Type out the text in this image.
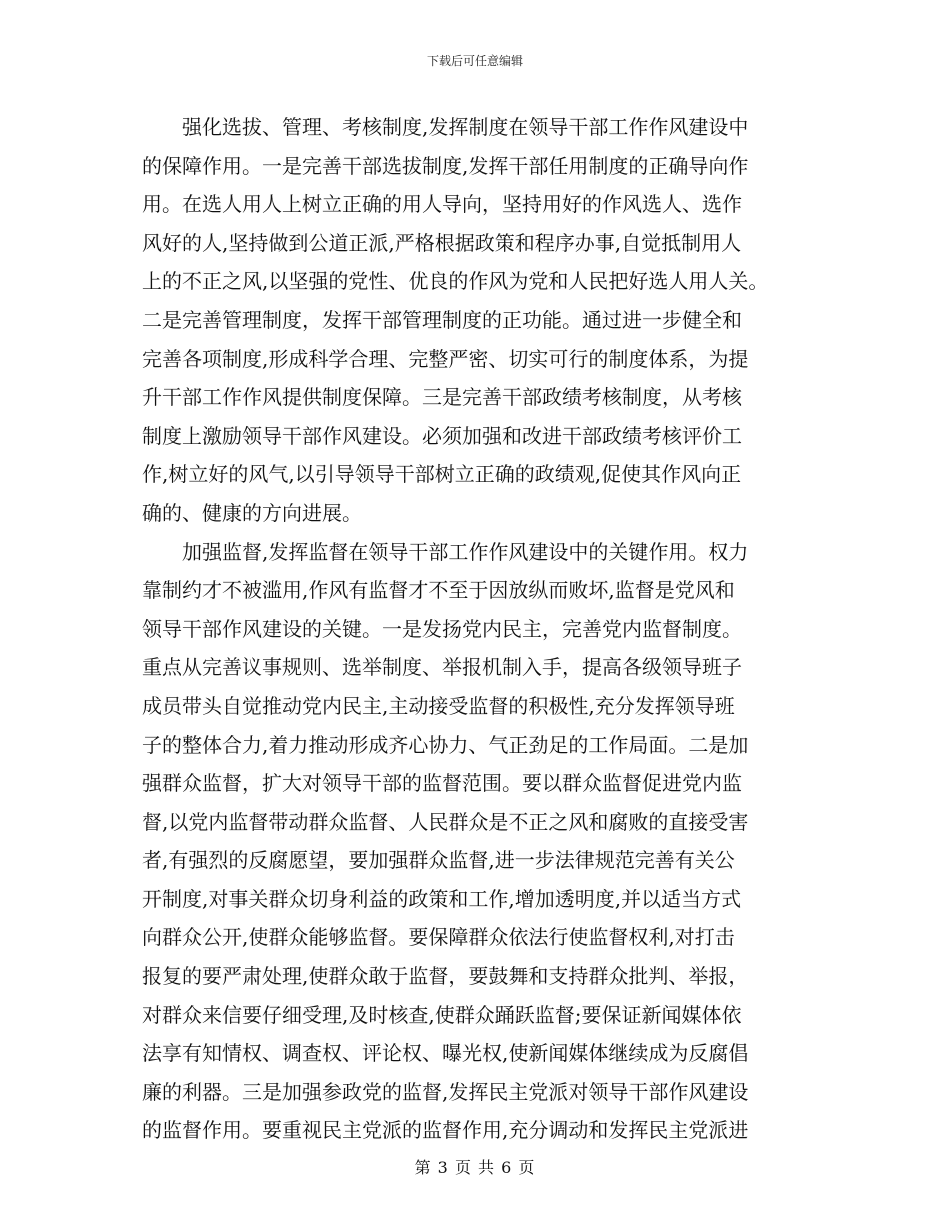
下载后可任意编辑
　　强化选拔、管理、考核制度,发挥制度在领导干部工作作风建设中
的保障作用。一是完善干部选拔制度,发挥干部任用制度的正确导向作
用。在选人用人上树立正确的用人导向，坚持用好的作风选人、选作
风好的人,坚持做到公道正派,严格根据政策和程序办事,自觉抵制用人
上的不正之风,以坚强的党性、优良的作风为党和人民把好选人用人关。
二是完善管理制度，发挥干部管理制度的正功能。通过进一步健全和
完善各项制度,形成科学合理、完整严密、切实可行的制度体系，为提
升干部工作作风提供制度保障。三是完善干部政绩考核制度，从考核
制度上激励领导干部作风建设。必须加强和改进干部政绩考核评价工
作,树立好的风气,以引导领导干部树立正确的政绩观,促使其作风向正
确的、健康的方向进展。
　　加强监督,发挥监督在领导干部工作作风建设中的关键作用。权力
靠制约才不被滥用,作风有监督才不至于因放纵而败坏,监督是党风和
领导干部作风建设的关键。一是发扬党内民主，完善党内监督制度。
重点从完善议事规则、选举制度、举报机制入手，提高各级领导班子
成员带头自觉推动党内民主,主动接受监督的积极性,充分发挥领导班
子的整体合力,着力推动形成齐心协力、气正劲足的工作局面。二是加
强群众监督，扩大对领导干部的监督范围。要以群众监督促进党内监
督,以党内监督带动群众监督、人民群众是不正之风和腐败的直接受害
者,有强烈的反腐愿望，要加强群众监督,进一步法律规范完善有关公
开制度,对事关群众切身利益的政策和工作,增加透明度,并以适当方式
向群众公开,使群众能够监督。要保障群众依法行使监督权利,对打击
报复的要严肃处理,使群众敢于监督，要鼓舞和支持群众批判、举报，
对群众来信要仔细受理,及时核查,使群众踊跃监督;要保证新闻媒体依
法享有知情权、调查权、评论权、曝光权,使新闻媒体继续成为反腐倡
廉的利器。三是加强参政党的监督,发挥民主党派对领导干部作风建设
的监督作用。要重视民主党派的监督作用,充分调动和发挥民主党派进
第 3 页 共 6 页
